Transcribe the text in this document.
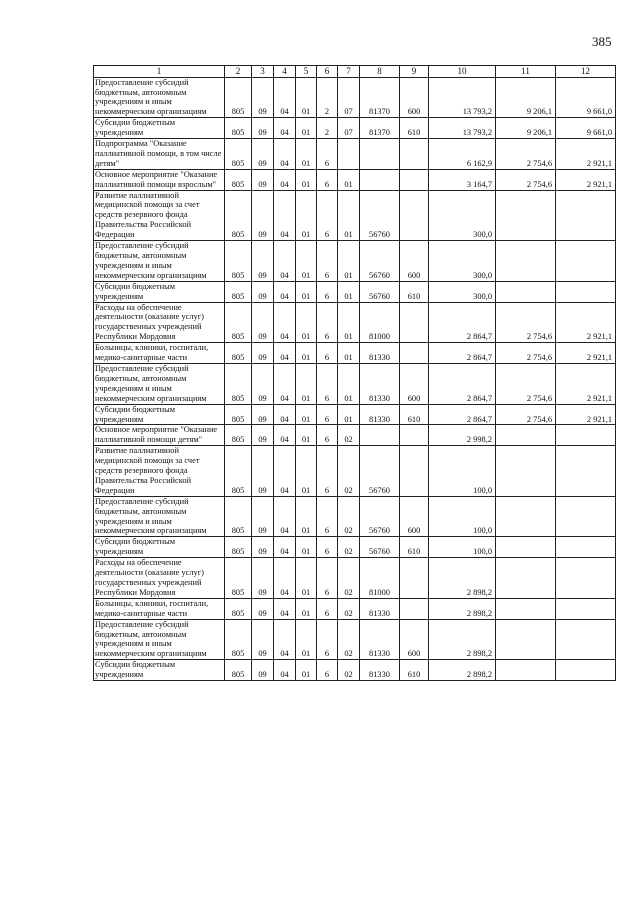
385
1	2	3	4	5	6	7	8	9	10	11	12
Предоставление субсидий бюджетным, автономным учреждениям и иным некоммерческим организациям	805	09	04	01	2	07	81370	600	13 793,2	9 206,1	9 661,0
Субсидии бюджетным учреждениям	805	09	04	01	2	07	81370	610	13 793,2	9 206,1	9 661,0
Подпрограмма "Оказание паллиативной помощи, в том числе детям"	805	09	04	01	6				6 162,9	2 754,6	2 921,1
Основное мероприятие "Оказание паллиативной помощи взрослым"	805	09	04	01	6	01			3 164,7	2 754,6	2 921,1
Развитие паллиативной медицинской помощи за счет средств резервного фонда Правительства Российской Федерации	805	09	04	01	6	01	56760		300,0		
Предоставление субсидий бюджетным, автономным учреждениям и иным некоммерческим организациям	805	09	04	01	6	01	56760	600	300,0		
Субсидии бюджетным учреждениям	805	09	04	01	6	01	56760	610	300,0		
Расходы на обеспечение деятельности (оказание услуг) государственных учреждений Республики Мордовия	805	09	04	01	6	01	81000		2 864,7	2 754,6	2 921,1
Больницы, клиники, госпитали, медико-санитарные части	805	09	04	01	6	01	81330		2 864,7	2 754,6	2 921,1
Предоставление субсидий бюджетным, автономным учреждениям и иным некоммерческим организациям	805	09	04	01	6	01	81330	600	2 864,7	2 754,6	2 921,1
Субсидии бюджетным учреждениям	805	09	04	01	6	01	81330	610	2 864,7	2 754,6	2 921,1
Основное мероприятие "Оказание паллиативной помощи детям"	805	09	04	01	6	02			2 998,2		
Развитие паллиативной медицинской помощи за счет средств резервного фонда Правительства Российской Федерации	805	09	04	01	6	02	56760		100,0		
Предоставление субсидий бюджетным, автономным учреждениям и иным некоммерческим организациям	805	09	04	01	6	02	56760	600	100,0		
Субсидии бюджетным учреждениям	805	09	04	01	6	02	56760	610	100,0		
Расходы на обеспечение деятельности (оказание услуг) государственных учреждений Республики Мордовия	805	09	04	01	6	02	81000		2 898,2		
Больницы, клиники, госпитали, медико-санитарные части	805	09	04	01	6	02	81330		2 898,2		
Предоставление субсидий бюджетным, автономным учреждениям и иным некоммерческим организациям	805	09	04	01	6	02	81330	600	2 898,2		
Субсидии бюджетным учреждениям	805	09	04	01	6	02	81330	610	2 898,2		
